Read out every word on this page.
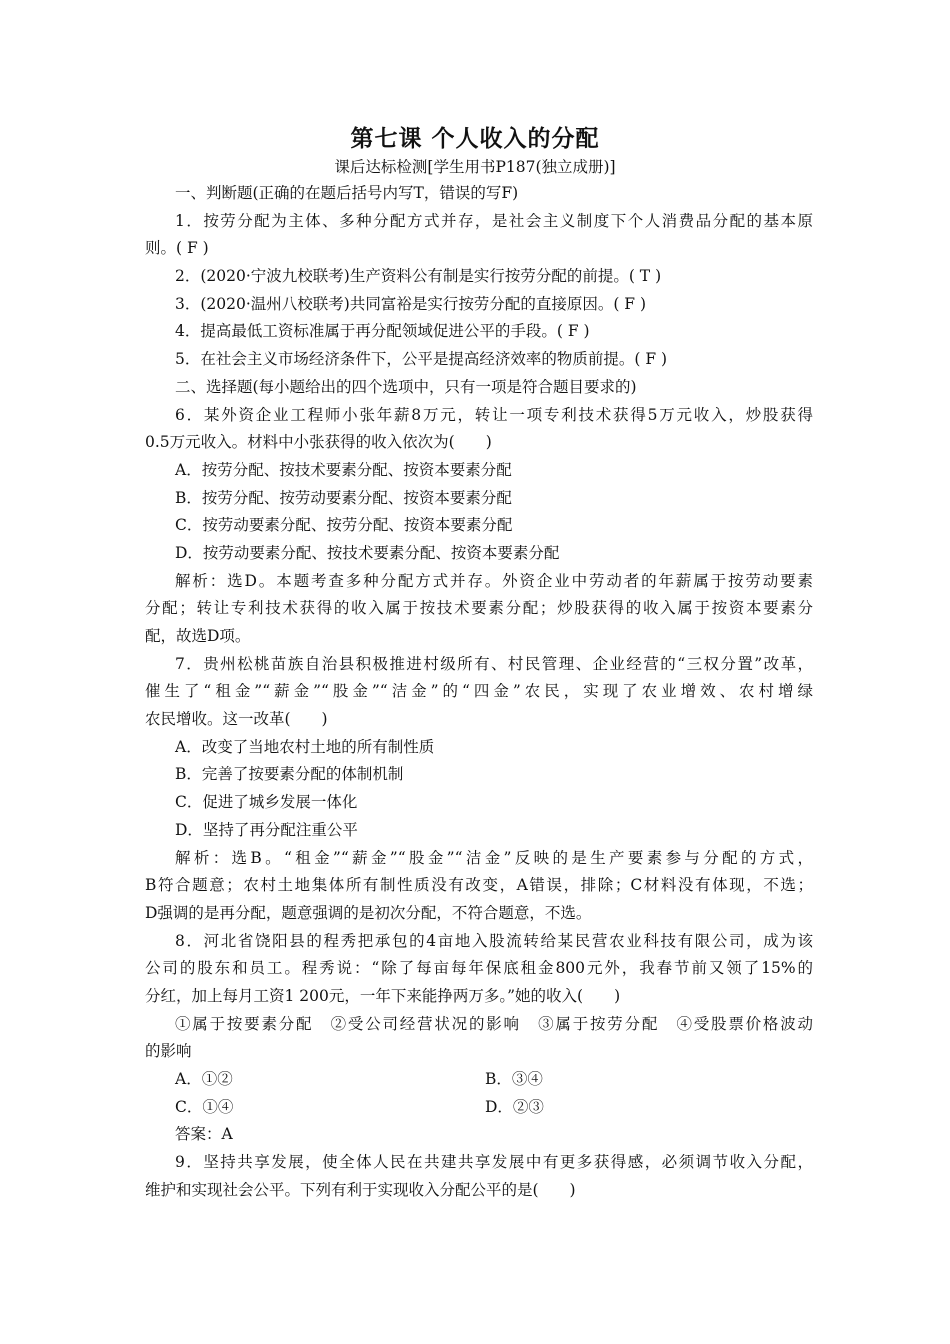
第七课 个人收入的分配
课后达标检测[学生用书P187(独立成册)]
一、判断题(正确的在题后括号内写T，错误的写F)
1．按劳分配为主体、多种分配方式并存，是社会主义制度下个人消费品分配的基本原
则。( F )
2．(2020·宁波九校联考)生产资料公有制是实行按劳分配的前提。( T )
3．(2020·温州八校联考)共同富裕是实行按劳分配的直接原因。( F )
4．提高最低工资标准属于再分配领域促进公平的手段。( F )
5．在社会主义市场经济条件下，公平是提高经济效率的物质前提。( F )
二、选择题(每小题给出的四个选项中，只有一项是符合题目要求的)
6．某外资企业工程师小张年薪8万元，转让一项专利技术获得5万元收入，炒股获得
0.5万元收入。材料中小张获得的收入依次为(　　)
A．按劳分配、按技术要素分配、按资本要素分配
B．按劳分配、按劳动要素分配、按资本要素分配
C．按劳动要素分配、按劳分配、按资本要素分配
D．按劳动要素分配、按技术要素分配、按资本要素分配
解析：选D。本题考查多种分配方式并存。外资企业中劳动者的年薪属于按劳动要素
分配；转让专利技术获得的收入属于按技术要素分配；炒股获得的收入属于按资本要素分
配，故选D项。
7．贵州松桃苗族自治县积极推进村级所有、村民管理、企业经营的“三权分置”改革，
催生了“租金”“薪金”“股金”“洁金”的“四金”农民，实现了农业增效、农村增绿
农民增收。这一改革(　　)
A．改变了当地农村土地的所有制性质
B．完善了按要素分配的体制机制
C．促进了城乡发展一体化
D．坚持了再分配注重公平
解析：选B。“租金”“薪金”“股金”“洁金”反映的是生产要素参与分配的方式，
B符合题意；农村土地集体所有制性质没有改变，A错误，排除；C材料没有体现，不选；
D强调的是再分配，题意强调的是初次分配，不符合题意，不选。
8．河北省饶阳县的程秀把承包的4亩地入股流转给某民营农业科技有限公司，成为该
公司的股东和员工。程秀说：“除了每亩每年保底租金800元外，我春节前又领了15%的
分红，加上每月工资1 200元，一年下来能挣两万多。”她的收入(　　)
①属于按要素分配　②受公司经营状况的影响　③属于按劳分配　④受股票价格波动
的影响
A．①②	B．③④
C．①④	D．②③
答案：A
9．坚持共享发展，使全体人民在共建共享发展中有更多获得感，必须调节收入分配，
维护和实现社会公平。下列有利于实现收入分配公平的是(　　)
